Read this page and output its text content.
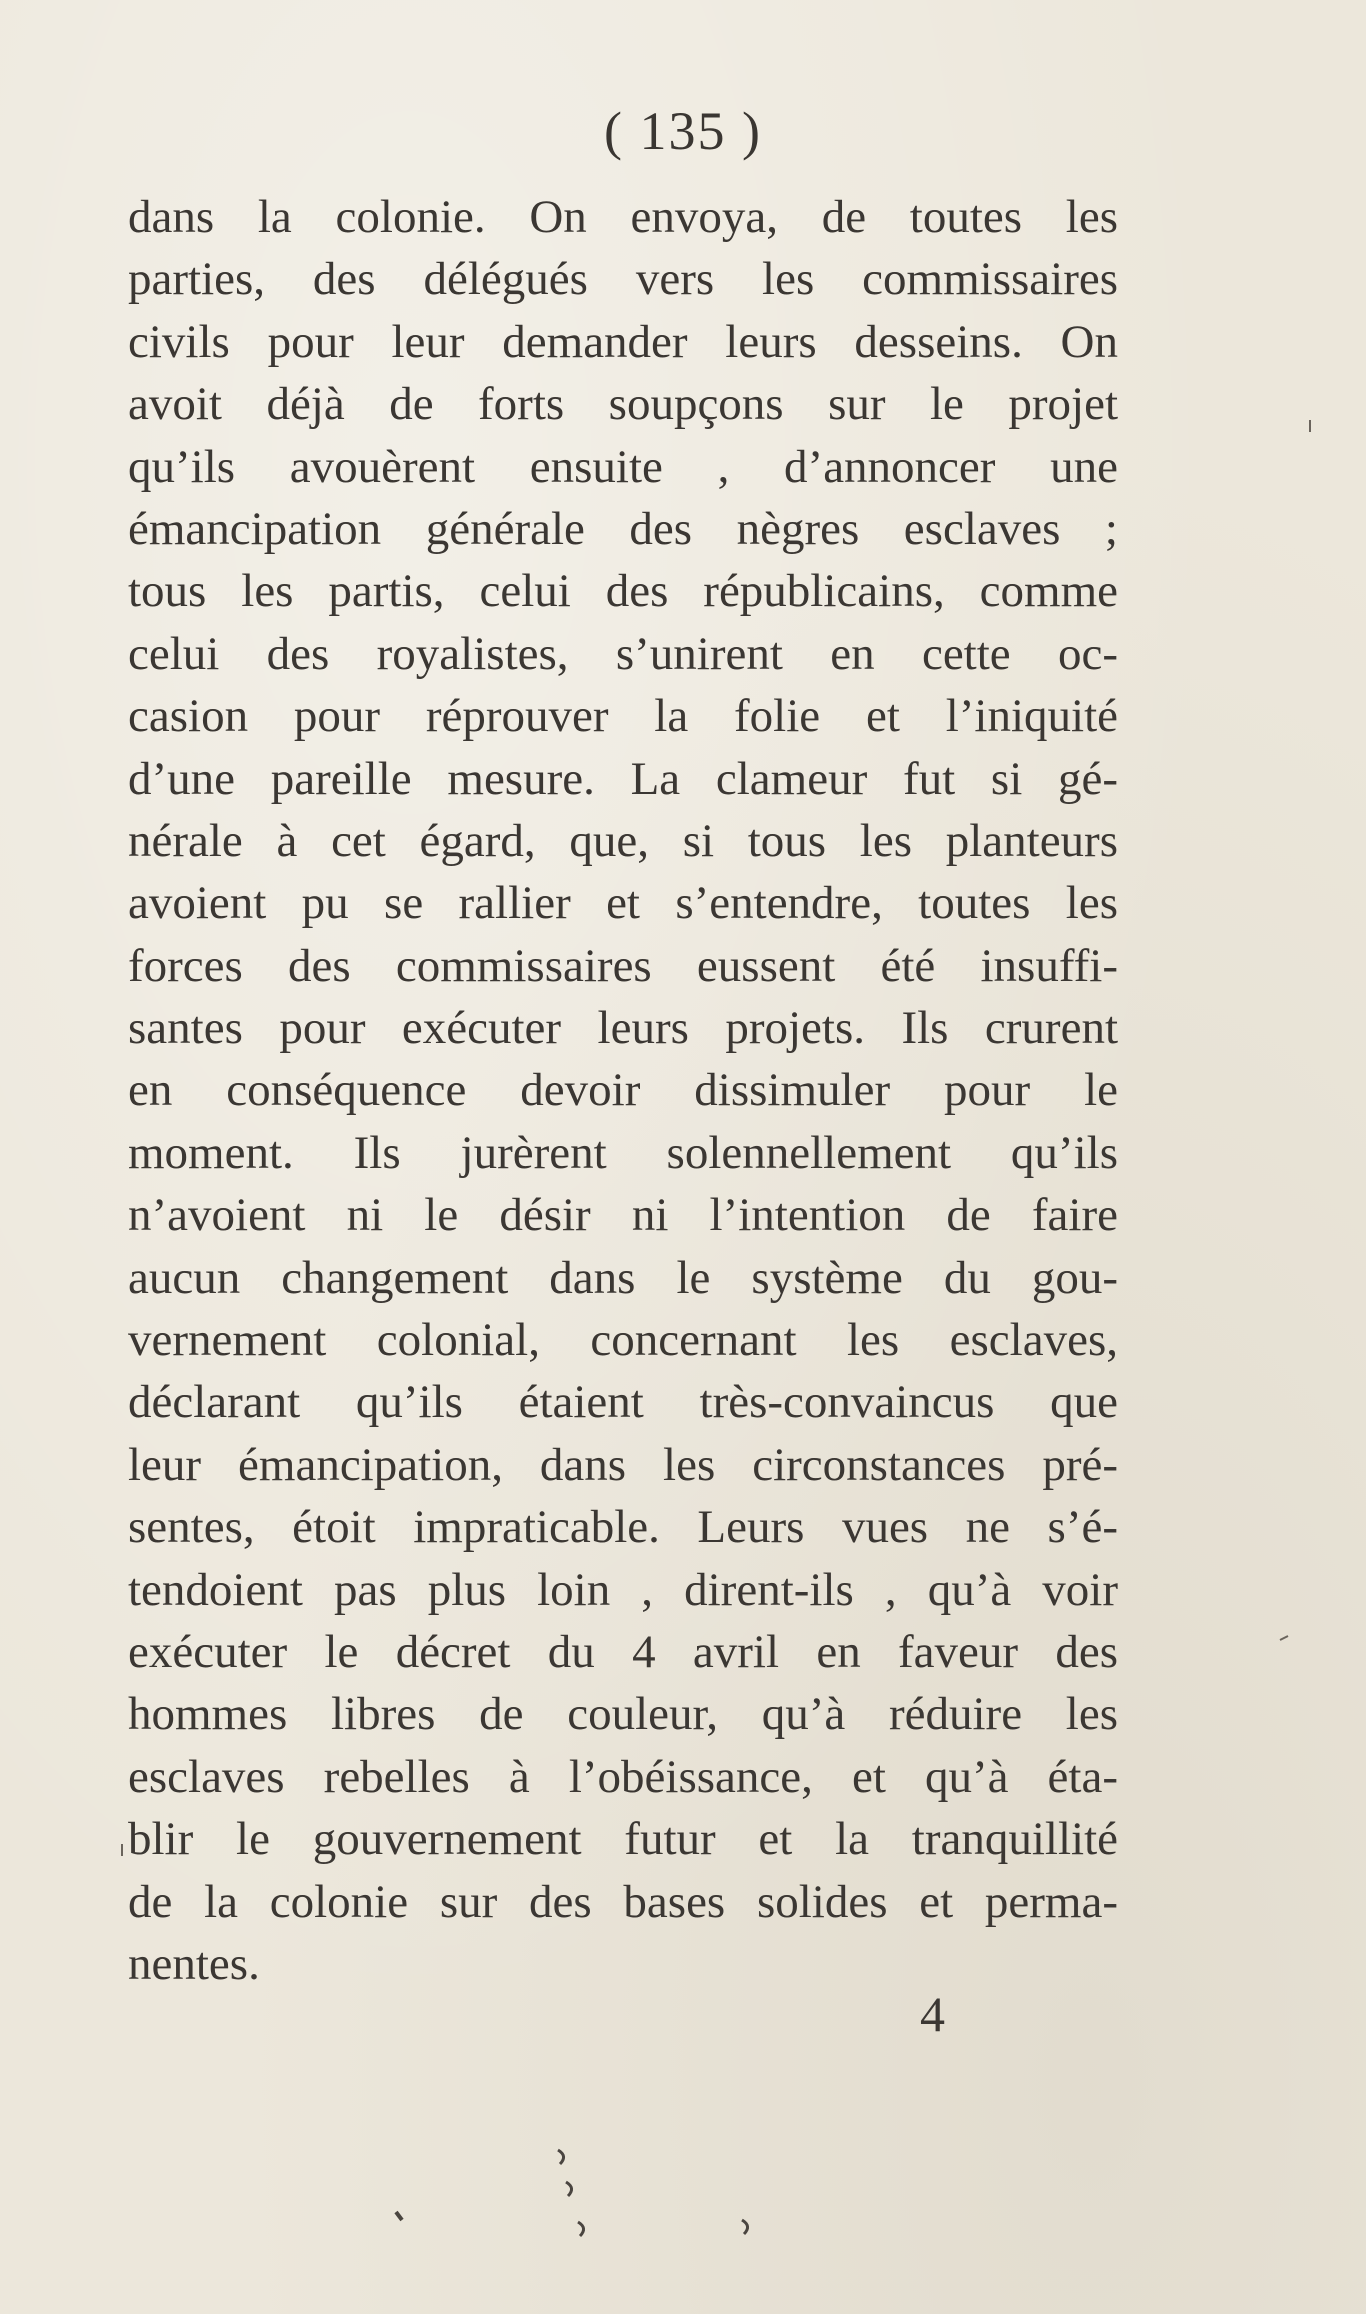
( 135 )
dans la colonie. On envoya, de toutes les
parties, des délégués vers les commissaires
civils pour leur demander leurs desseins. On
avoit déjà de forts soupçons sur le projet
qu’ils avouèrent ensuite , d’annoncer une
émancipation générale des nègres esclaves ;
tous les partis, celui des républicains, comme
celui des royalistes, s’unirent en cette oc-
casion pour réprouver la folie et l’iniquité
d’une pareille mesure. La clameur fut si gé-
nérale à cet égard, que, si tous les planteurs
avoient pu se rallier et s’entendre, toutes les
forces des commissaires eussent été insuffi-
santes pour exécuter leurs projets. Ils crurent
en conséquence devoir dissimuler pour le
moment. Ils jurèrent solennellement qu’ils
n’avoient ni le désir ni l’intention de faire
aucun changement dans le système du gou-
vernement colonial, concernant les esclaves,
déclarant qu’ils étaient très-convaincus que
leur émancipation, dans les circonstances pré-
sentes, étoit impraticable. Leurs vues ne s’é-
tendoient pas plus loin , dirent-ils , qu’à voir
exécuter le décret du 4 avril en faveur des
hommes libres de couleur, qu’à réduire les
esclaves rebelles à l’obéissance, et qu’à éta-
blir le gouvernement futur et la tranquillité
de la colonie sur des bases solides et perma-
nentes.
4
